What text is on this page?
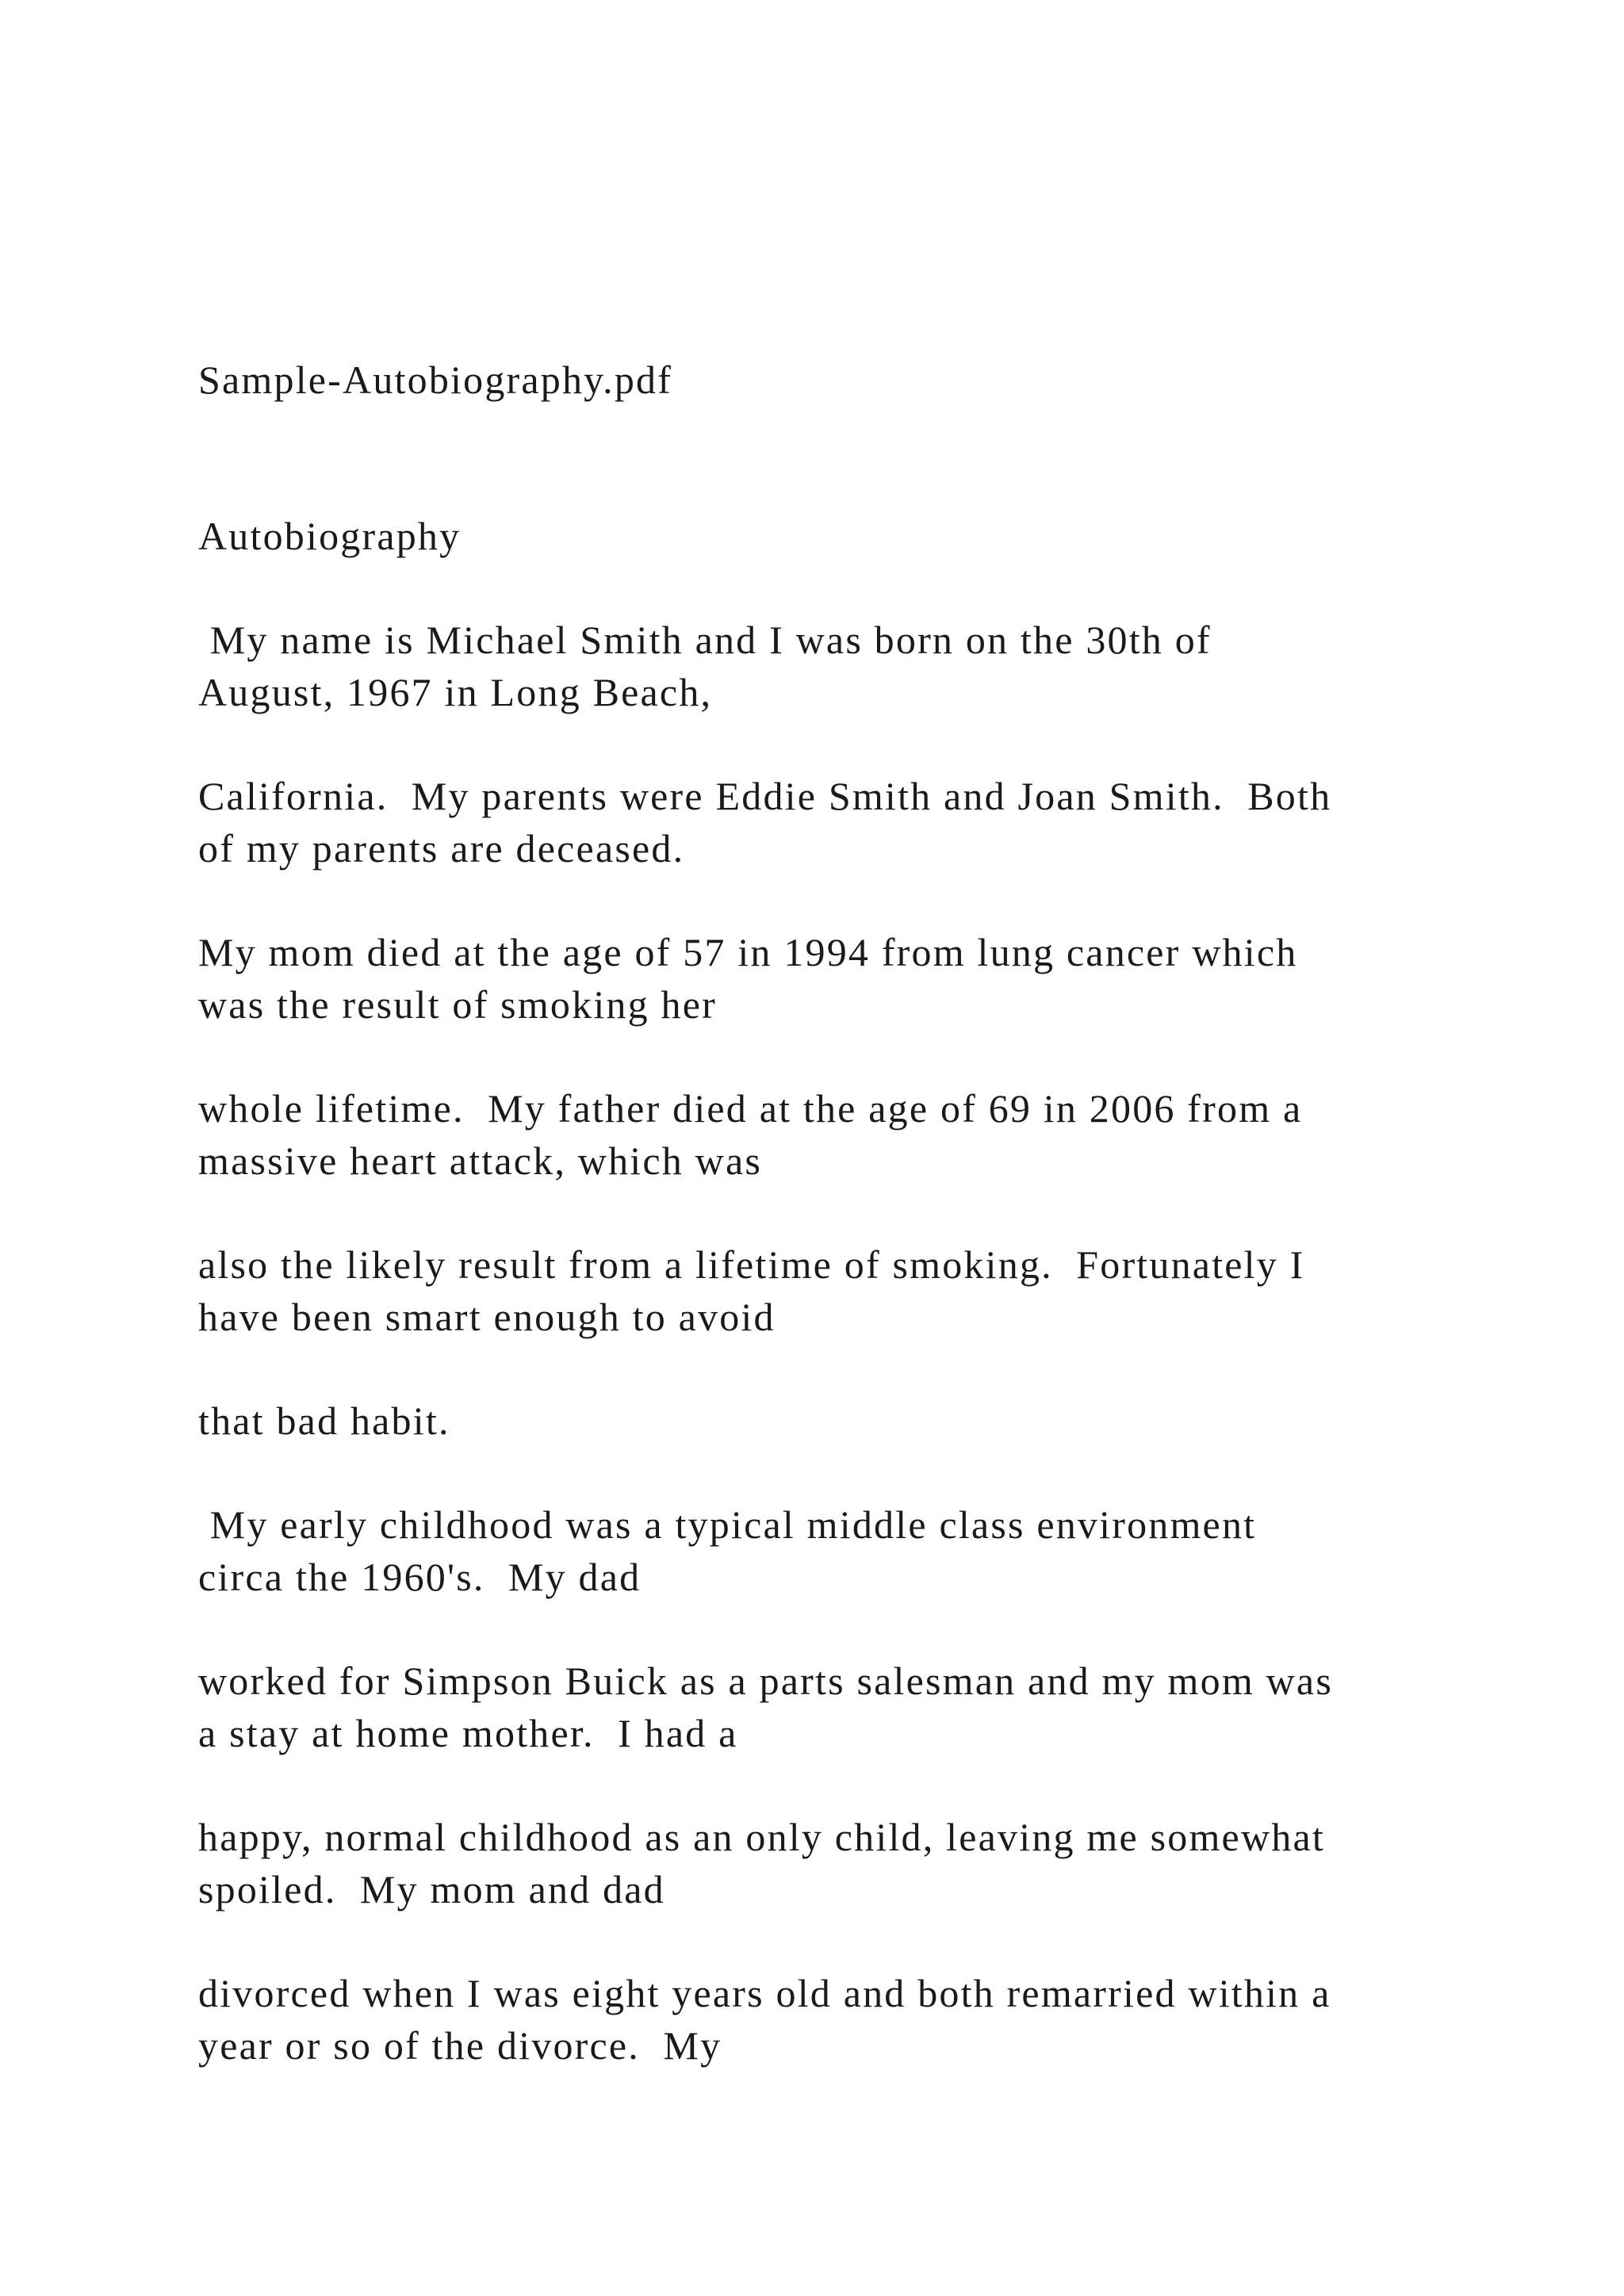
Sample-Autobiography.pdf

Autobiography

My name is Michael Smith and I was born on the 30th of

August, 1967 in Long Beach,

California.  My parents were Eddie Smith and Joan Smith.  Both

of my parents are deceased.

My mom died at the age of 57 in 1994 from lung cancer which

was the result of smoking her

whole lifetime.  My father died at the age of 69 in 2006 from a

massive heart attack, which was

also the likely result from a lifetime of smoking.  Fortunately I

have been smart enough to avoid

that bad habit.

My early childhood was a typical middle class environment

circa the 1960's.  My dad

worked for Simpson Buick as a parts salesman and my mom was

a stay at home mother.  I had a

happy, normal childhood as an only child, leaving me somewhat

spoiled.  My mom and dad

divorced when I was eight years old and both remarried within a

year or so of the divorce.  My
